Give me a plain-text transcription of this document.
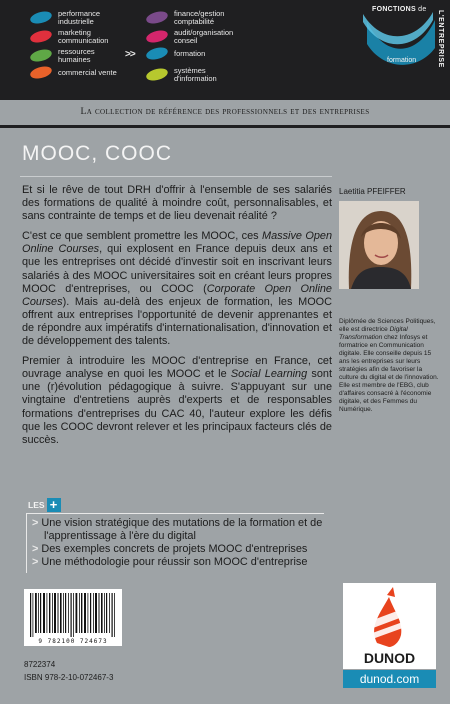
performance industrielle
marketing communication
ressources humaines
commercial vente
finance/gestion comptabilité
audit/organisation conseil
formation
systèmes d'information
>>
FONCTIONS de
L'ENTREPRISE
formation
La collection de référence des professionnels et des entreprises
MOOC, COOC

Et si le rêve de tout DRH d'offrir à l'ensemble de ses salariés des formations de qualité à moindre coût, personnalisables, et sans contrainte de temps et de lieu devenait réalité ?

C'est ce que semblent promettre les MOOC, ces Massive Open Online Courses, qui explosent en France depuis deux ans et que les entreprises ont décidé d'investir soit en inscrivant leurs salariés à des MOOC universitaires soit en créant leurs propres MOOC d'entreprises, ou COOC (Corporate Open Online Courses). Mais au-delà des enjeux de formation, les MOOC offrent aux entreprises l'opportunité de devenir apprenantes et de répondre aux impératifs d'internationalisation, d'innovation et de développement des talents.

Premier à introduire les MOOC d'entreprise en France, cet ouvrage analyse en quoi les MOOC et le Social Learning sont une (r)évolution pédagogique à suivre. S'appuyant sur une vingtaine d'entretiens auprès d'experts et de responsables formations d'entreprises du CAC 40, l'auteur explore les défis que les COOC devront relever et les principaux facteurs clés de succès.

Laetitia PFEIFFER
Diplômée de Sciences Politiques, elle est directrice Digital Transformation chez Infosys et formatrice en Communication digitale. Elle conseille depuis 15 ans les entreprises sur leurs stratégies afin de favoriser la culture du digital et de l'innovation. Elle est membre de l'EBG, club d'affaires consacré à l'économie digitale, et des Femmes du Numérique.
LES +
> Une vision stratégique des mutations de la formation et de l'apprentissage à l'ère du digital
> Des exemples concrets de projets MOOC d'entreprises
> Une méthodologie pour réussir son MOOC d'entreprise
9 782100 724673
8722374
ISBN 978-2-10-072467-3
DUNOD
dunod.com
